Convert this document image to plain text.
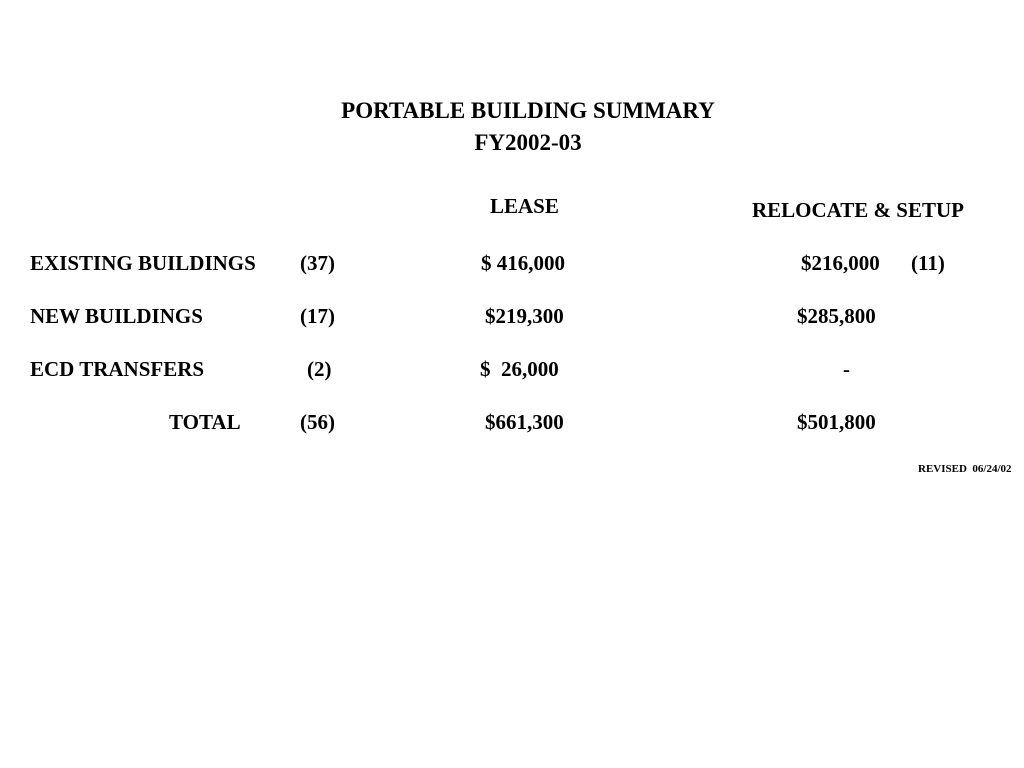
PORTABLE BUILDING SUMMARY
FY2002-03
LEASE	RELOCATE & SETUP
EXISTING BUILDINGS (37)	$ 416,000	$216,000 (11)
NEW BUILDINGS	(17)	$219,300	$285,800
ECD TRANSFERS	(2)	$  26,000	-
TOTAL	(56)	$661,300	$501,800
REVISED  06/24/02
